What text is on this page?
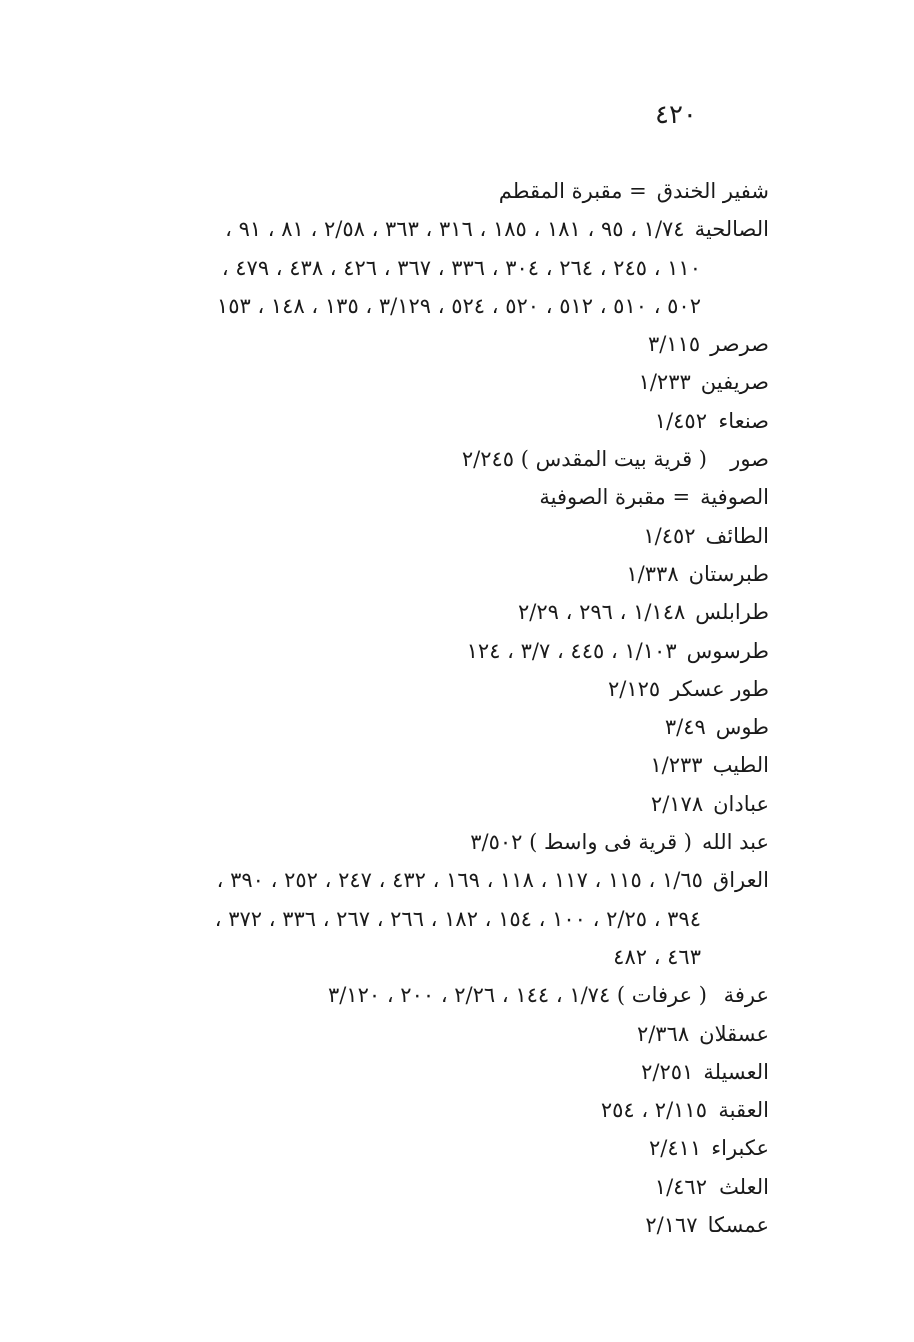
٤٢٠
شفير الخندق= مقبرة المقطم
الصالحية١/٧٤ ، ٩٥ ، ١٨١ ، ١٨٥ ، ٣١٦ ، ٣٦٣ ، ٢/٥٨ ، ٨١ ، ٩١ ،
١١٠ ، ٢٤٥ ، ٢٦٤ ، ٣٠٤ ، ٣٣٦ ، ٣٦٧ ، ٤٢٦ ، ٤٣٨ ، ٤٧٩ ،
٥٠٢ ، ٥١٠ ، ٥١٢ ، ٥٢٠ ، ٥٢٤ ، ٣/١٢٩ ، ١٣٥ ، ١٤٨ ، ١٥٣
صرصر٣/١١٥
صريفين١/٢٣٣
صنعاء١/٤٥٢
صور( قرية بيت المقدس ) ٢/٢٤٥
الصوفية= مقبرة الصوفية
الطائف١/٤٥٢
طبرستان١/٣٣٨
طرابلس١/١٤٨ ، ٢٩٦ ، ٢/٢٩
طرسوس١/١٠٣ ، ٤٤٥ ، ٣/٧ ، ١٢٤
طور عسكر٢/١٢٥
طوس٣/٤٩
الطيب١/٢٣٣
عبادان٢/١٧٨
عبد الله( قرية فى واسط ) ٣/٥٠٢
العراق١/٦٥ ، ١١٥ ، ١١٧ ، ١١٨ ، ١٦٩ ، ٤٣٢ ، ٢٤٧ ، ٢٥٢ ، ٣٩٠ ،
٣٩٤ ، ٢/٢٥ ، ١٠٠ ، ١٥٤ ، ١٨٢ ، ٢٦٦ ، ٢٦٧ ، ٣٣٦ ، ٣٧٢ ،
٤٦٣ ، ٤٨٢
عرفة( عرفات ) ١/٧٤ ، ١٤٤ ، ٢/٢٦ ، ٢٠٠ ، ٣/١٢٠
عسقلان٢/٣٦٨
العسيلة٢/٢٥١
العقبة٢/١١٥ ، ٢٥٤
عكبراء٢/٤١١
العلث١/٤٦٢
عمسكا٢/١٦٧
